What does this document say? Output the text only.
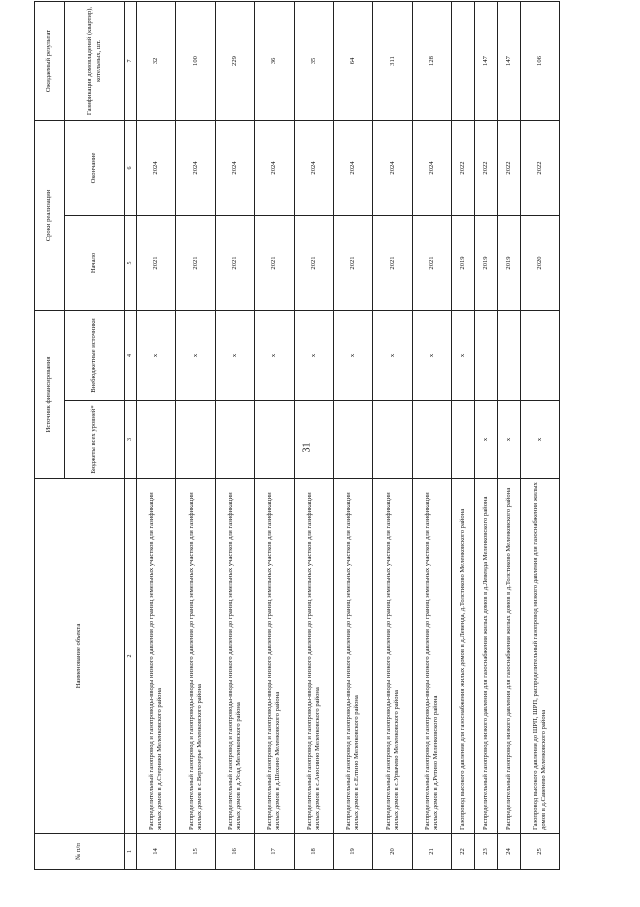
31
№ п/п	Наименование объекта	Источник финансирования		Сроки реализации		Ожидаемый результат
		Бюджеты всех уровней*	Внебюджетные источники	Начало	Окончание	Газификация домовладений (квартир), котельных, шт.
1	2	3	4	5	6	7
14	Распределительный газопровод и газопроводы-вводы низкого давления до границ земельных участков для газификации жилых домов в д.Стерники Меленковского района		х	2021	2024	32
15	Распределительный газопровод и газопроводы-вводы низкого давления до границ земельных участков для газификации жилых домов в с.Верхозерье Меленковского района		х	2021	2024	100
16	Распределительный газопровод и газопроводы-вводы низкого давления до границ земельных участков для газификации жилых домов в д.Усад Меленковского района		х	2021	2024	229
17	Распределительный газопровод и газопроводы-вводы низкого давления до границ земельных участков для газификации жилых домов в д.Шохино Меленковского района		х	2021	2024	36
18	Распределительный газопровод и газопроводы-вводы низкого давления до границ земельных участков для газификации жилых домов в с.Аносиино Меленковского района		х	2021	2024	35
19	Распределительный газопровод и газопроводы-вводы низкого давления до границ земельных участков для газификации жилых домов в с.Елтино Меленковского района		х	2021	2024	64
20	Распределительный газопровод и газопроводы-вводы низкого давления до границ земельных участков для газификации жилых домов в с.Урвачево Меленковского района		х	2021	2024	311
21	Распределительный газопровод и газопроводы-вводы низкого давления до границ земельных участков для газификации жилых домов в д.Ретино Меленковского района		х	2021	2024	128
22	Газопровод высокого давления для газоснабжения жилых домов в д.Левенда, д.Толстиково Меленковского района		х	2019	2022	
23	Распределительный газопровод низкого давления для газоснабжения жилых домов в д.Левенда Меленковского района	х		2019	2022	147
24	Распределительный газопровод низкого давления для газоснабжения жилых домов в д.Толстиково Меленковского района	х		2019	2022	147
25	Газопровод высокого давления до ШРП, ШРП, распределительный газопровод низкого давления для газоснабжения жилых домов в д.Савенево Меленковского района	х		2020	2022	106
